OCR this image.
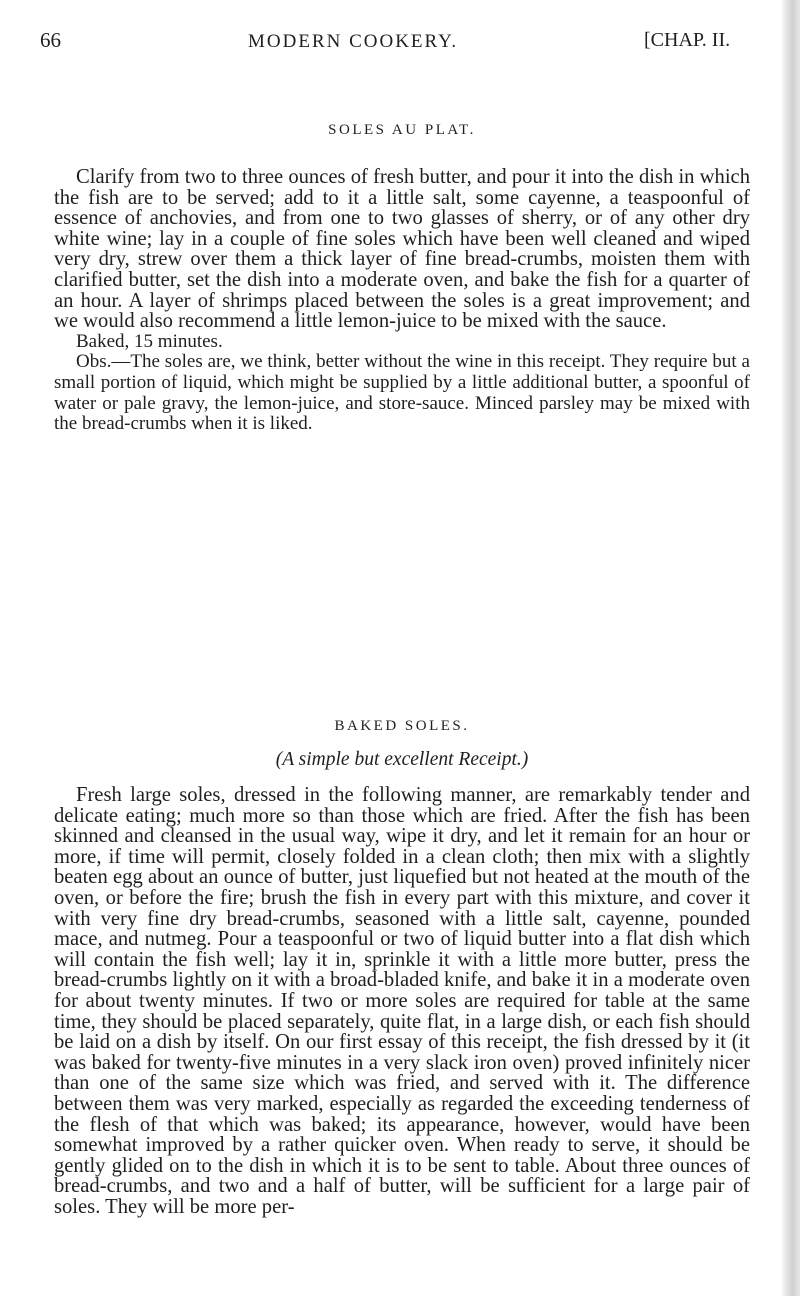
66	MODERN COOKERY.	[CHAP. II.
SOLES AU PLAT.

Clarify from two to three ounces of fresh butter, and pour it into the dish in which the fish are to be served; add to it a little salt, some cayenne, a teaspoonful of essence of anchovies, and from one to two glasses of sherry, or of any other dry white wine; lay in a couple of fine soles which have been well cleaned and wiped very dry, strew over them a thick layer of fine bread-crumbs, moisten them with clarified butter, set the dish into a moderate oven, and bake the fish for a quarter of an hour. A layer of shrimps placed between the soles is a great improvement; and we would also recommend a little lemon-juice to be mixed with the sauce.

Baked, 15 minutes.

Obs.—The soles are, we think, better without the wine in this receipt. They require but a small portion of liquid, which might be supplied by a little additional butter, a spoonful of water or pale gravy, the lemon-juice, and store-sauce. Minced parsley may be mixed with the bread-crumbs when it is liked.

BAKED SOLES.
(A simple but excellent Receipt.)

Fresh large soles, dressed in the following manner, are remarkably tender and delicate eating; much more so than those which are fried. After the fish has been skinned and cleansed in the usual way, wipe it dry, and let it remain for an hour or more, if time will permit, closely folded in a clean cloth; then mix with a slightly beaten egg about an ounce of butter, just liquefied but not heated at the mouth of the oven, or before the fire; brush the fish in every part with this mixture, and cover it with very fine dry bread-crumbs, seasoned with a little salt, cayenne, pounded mace, and nutmeg. Pour a teaspoonful or two of liquid butter into a flat dish which will contain the fish well; lay it in, sprinkle it with a little more butter, press the bread-crumbs lightly on it with a broad-bladed knife, and bake it in a moderate oven for about twenty minutes. If two or more soles are required for table at the same time, they should be placed separately, quite flat, in a large dish, or each fish should be laid on a dish by itself. On our first essay of this receipt, the fish dressed by it (it was baked for twenty-five minutes in a very slack iron oven) proved infinitely nicer than one of the same size which was fried, and served with it. The difference between them was very marked, especially as regarded the exceeding tenderness of the flesh of that which was baked; its appearance, however, would have been somewhat improved by a rather quicker oven. When ready to serve, it should be gently glided on to the dish in which it is to be sent to table. About three ounces of bread-crumbs, and two and a half of butter, will be sufficient for a large pair of soles. They will be more per-
